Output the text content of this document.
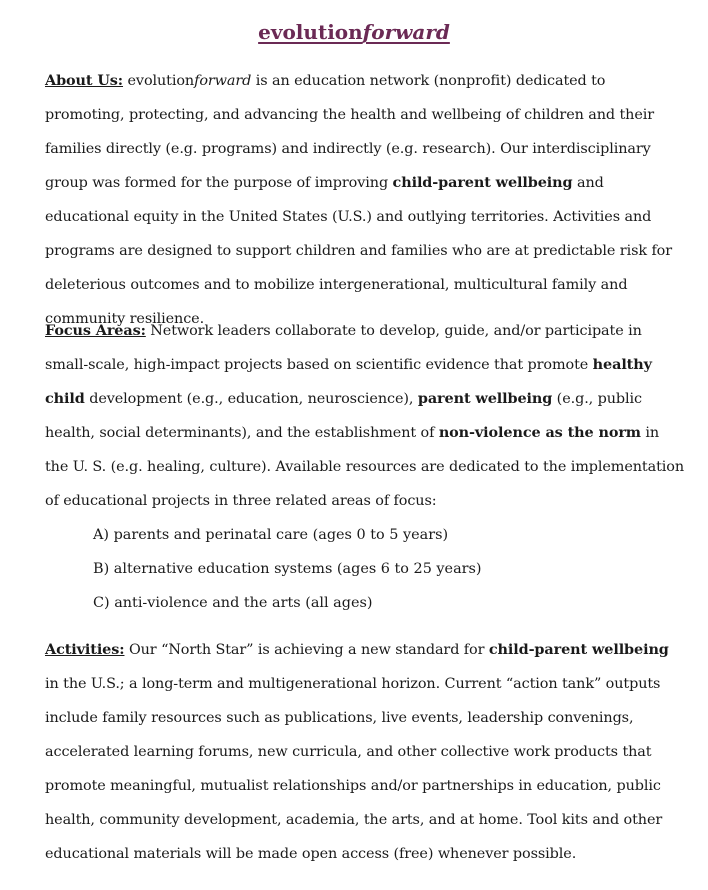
evolutionforward

About Us: evolutionforward is an education network (nonprofit) dedicated to promoting, protecting, and advancing the health and wellbeing of children and their families directly (e.g. programs) and indirectly (e.g. research). Our interdisciplinary group was formed for the purpose of improving child-parent wellbeing and educational equity in the United States (U.S.) and outlying territories. Activities and programs are designed to support children and families who are at predictable risk for deleterious outcomes and to mobilize intergenerational, multicultural family and community resilience.

Focus Areas: Network leaders collaborate to develop, guide, and/or participate in small-scale, high-impact projects based on scientific evidence that promote healthy child development (e.g., education, neuroscience), parent wellbeing (e.g., public health, social determinants), and the establishment of non-violence as the norm in the U. S. (e.g. healing, culture). Available resources are dedicated to the implementation of educational projects in three related areas of focus:

A) parents and perinatal care (ages 0 to 5 years)
B) alternative education systems (ages 6 to 25 years)
C) anti-violence and the arts (all ages)

Activities: Our “North Star” is achieving a new standard for child-parent wellbeing in the U.S.; a long-term and multigenerational horizon. Current “action tank” outputs include family resources such as publications, live events, leadership convenings, accelerated learning forums, new curricula, and other collective work products that promote meaningful, mutualist relationships and/or partnerships in education, public health, community development, academia, the arts, and at home. Tool kits and other educational materials will be made open access (free) whenever possible.
